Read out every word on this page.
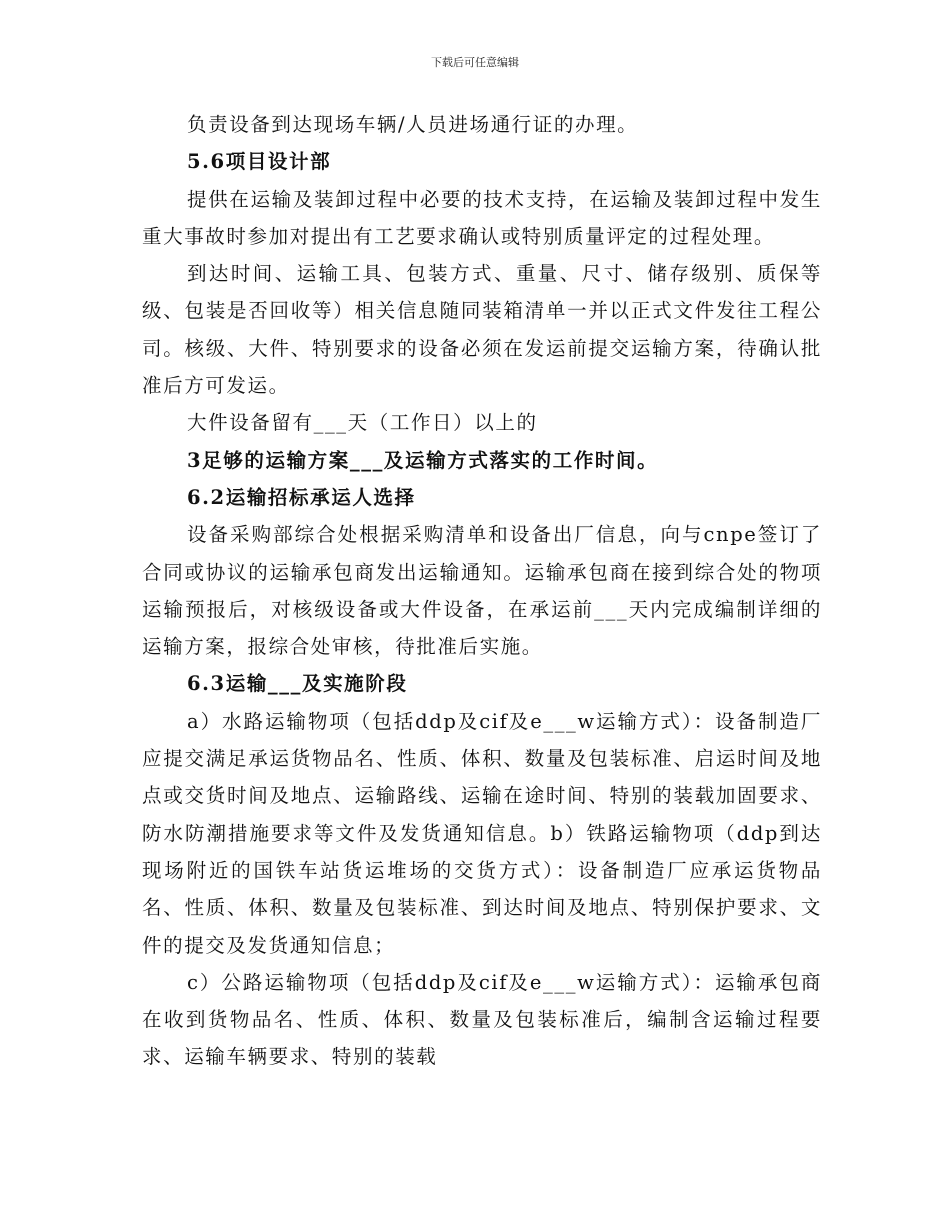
下载后可任意编辑

负责设备到达现场车辆/人员进场通行证的办理。

5.6项目设计部

提供在运输及装卸过程中必要的技术支持，在运输及装卸过程中发生重大事故时参加对提出有工艺要求确认或特别质量评定的过程处理。

到达时间、运输工具、包装方式、重量、尺寸、储存级别、质保等级、包装是否回收等）相关信息随同装箱清单一并以正式文件发往工程公司。核级、大件、特别要求的设备必须在发运前提交运输方案，待确认批准后方可发运。

大件设备留有___天（工作日）以上的

3足够的运输方案___及运输方式落实的工作时间。

6.2运输招标承运人选择

设备采购部综合处根据采购清单和设备出厂信息，向与cnpe签订了合同或协议的运输承包商发出运输通知。运输承包商在接到综合处的物项运输预报后，对核级设备或大件设备，在承运前___天内完成编制详细的运输方案，报综合处审核，待批准后实施。

6.3运输___及实施阶段

a）水路运输物项（包括ddp及cif及e___w运输方式）：设备制造厂应提交满足承运货物品名、性质、体积、数量及包装标准、启运时间及地点或交货时间及地点、运输路线、运输在途时间、特别的装载加固要求、防水防潮措施要求等文件及发货通知信息。b）铁路运输物项（ddp到达现场附近的国铁车站货运堆场的交货方式）：设备制造厂应承运货物品名、性质、体积、数量及包装标准、到达时间及地点、特别保护要求、文件的提交及发货通知信息；

c）公路运输物项（包括ddp及cif及e___w运输方式）：运输承包商在收到货物品名、性质、体积、数量及包装标准后，编制含运输过程要求、运输车辆要求、特别的装载
